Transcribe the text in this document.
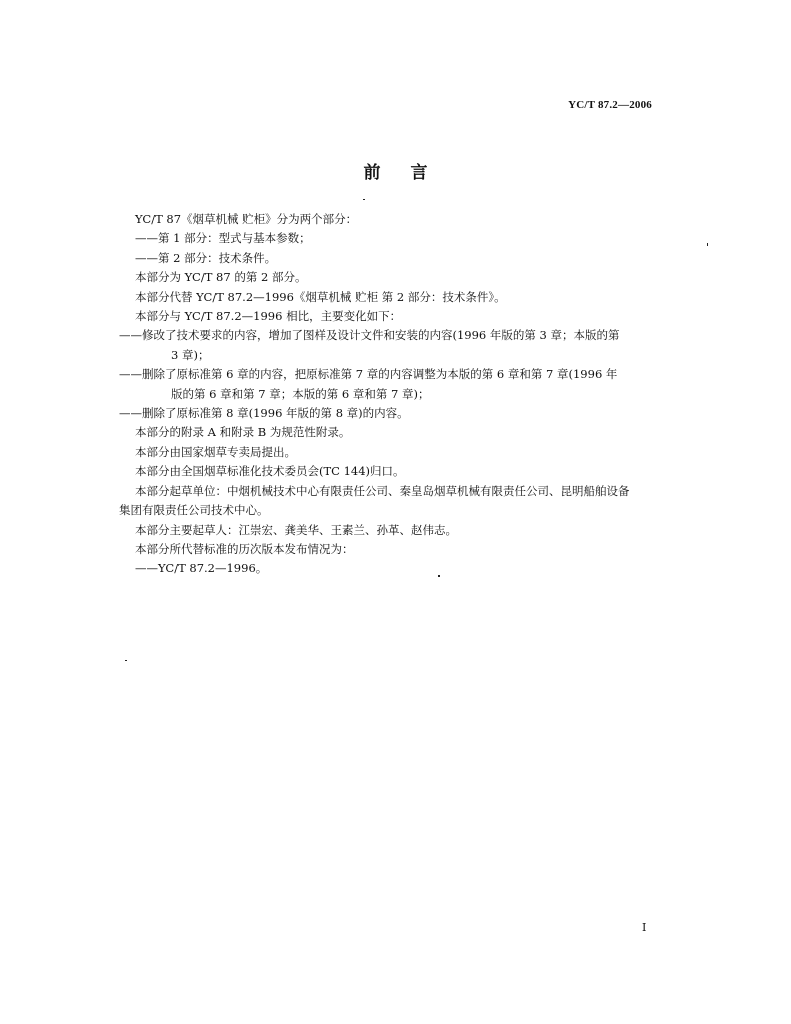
YC/T 87.2—2006
前言
YC/T 87《烟草机械 贮柜》分为两个部分：
——第 1 部分：型式与基本参数；
——第 2 部分：技术条件。
本部分为 YC/T 87 的第 2 部分。
本部分代替 YC/T 87.2—1996《烟草机械 贮柜 第 2 部分：技术条件》。
本部分与 YC/T 87.2—1996 相比，主要变化如下：
——修改了技术要求的内容，增加了图样及设计文件和安装的内容(1996 年版的第 3 章；本版的第
3 章)；
——删除了原标准第 6 章的内容，把原标准第 7 章的内容调整为本版的第 6 章和第 7 章(1996 年
版的第 6 章和第 7 章；本版的第 6 章和第 7 章)；
——删除了原标准第 8 章(1996 年版的第 8 章)的内容。
本部分的附录 A 和附录 B 为规范性附录。
本部分由国家烟草专卖局提出。
本部分由全国烟草标准化技术委员会(TC 144)归口。
本部分起草单位：中烟机械技术中心有限责任公司、秦皇岛烟草机械有限责任公司、昆明船舶设备
集团有限责任公司技术中心。
本部分主要起草人：江崇宏、龚美华、王素兰、孙革、赵伟志。
本部分所代替标准的历次版本发布情况为：
——YC/T 87.2—1996。
I
